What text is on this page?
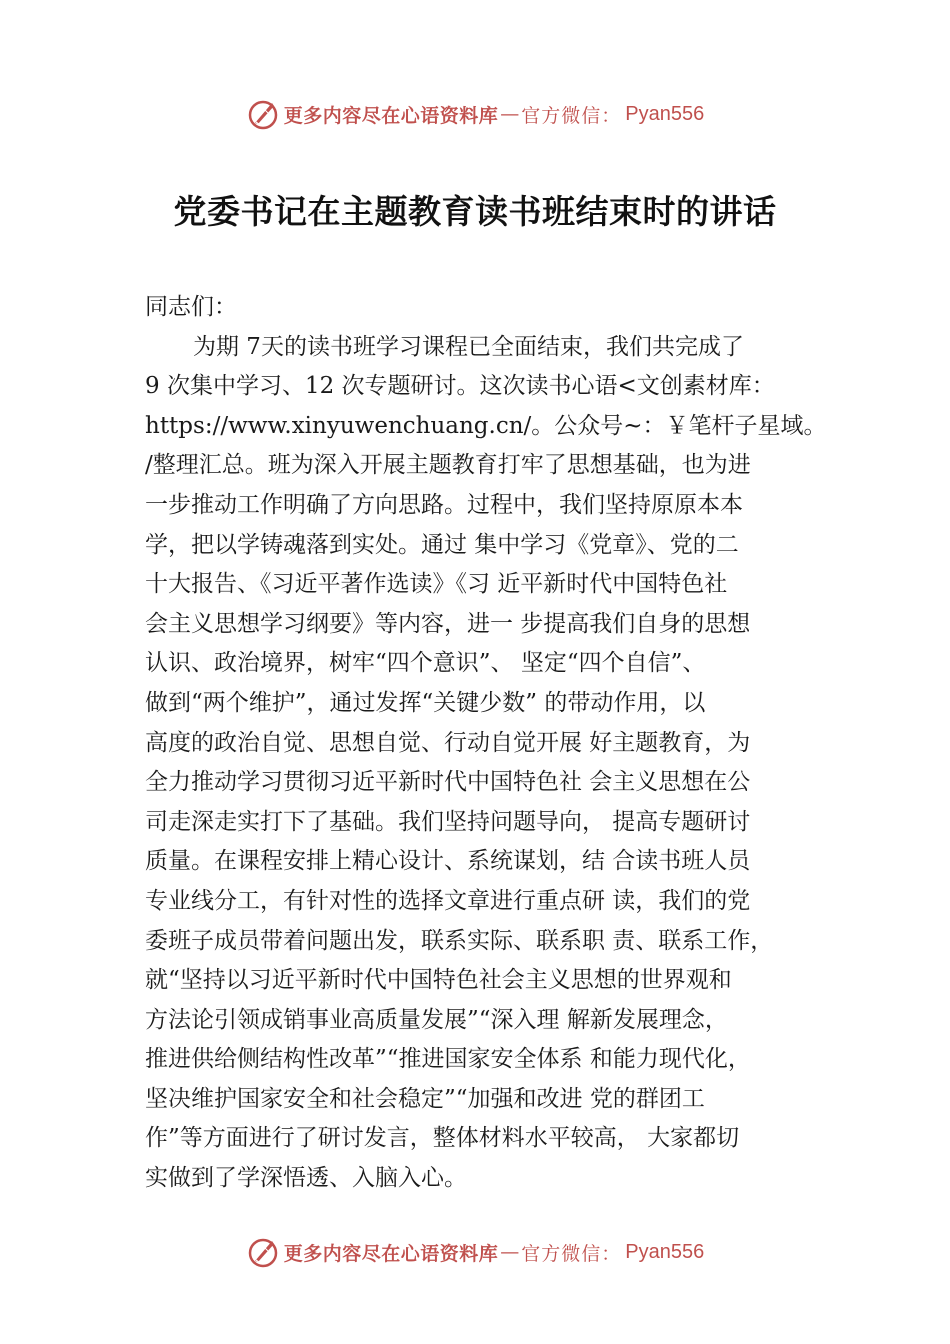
更多内容尽在心语资料库 — 官方微信： Pyan556
党委书记在主题教育读书班结束时的讲话
同志们：
为期 7天的读书班学习课程已全面结束，我们共完成了
9 次集中学习、12 次专题研讨。这次读书心语<文创素材库：
https://www.xinyuwenchuang.cn/。公众号~：￥笔杆子星域。
/整理汇总。班为深入开展主题教育打牢了思想基础，也为进
一步推动工作明确了方向思路。过程中，我们坚持原原本本
学，把以学铸魂落到实处。通过 集中学习《党章》、党的二
十大报告、《习近平著作选读》《习 近平新时代中国特色社
会主义思想学习纲要》等内容，进一 步提高我们自身的思想
认识、政治境界，树牢“四个意识”、 坚定“四个自信”、
做到“两个维护”，通过发挥“关键少数” 的带动作用，以
高度的政治自觉、思想自觉、行动自觉开展 好主题教育，为
全力推动学习贯彻习近平新时代中国特色社 会主义思想在公
司走深走实打下了基础。我们坚持问题导向， 提高专题研讨
质量。在课程安排上精心设计、系统谋划，结 合读书班人员
专业线分工，有针对性的选择文章进行重点研 读，我们的党
委班子成员带着问题出发，联系实际、联系职 责、联系工作，
就“坚持以习近平新时代中国特色社会主义思想的世界观和
方法论引领成销事业高质量发展”“深入理 解新发展理念，
推进供给侧结构性改革”“推进国家安全体系 和能力现代化，
坚决维护国家安全和社会稳定”“加强和改进 党的群团工
作”等方面进行了研讨发言，整体材料水平较高， 大家都切
实做到了学深悟透、入脑入心。
更多内容尽在心语资料库 — 官方微信： Pyan556
